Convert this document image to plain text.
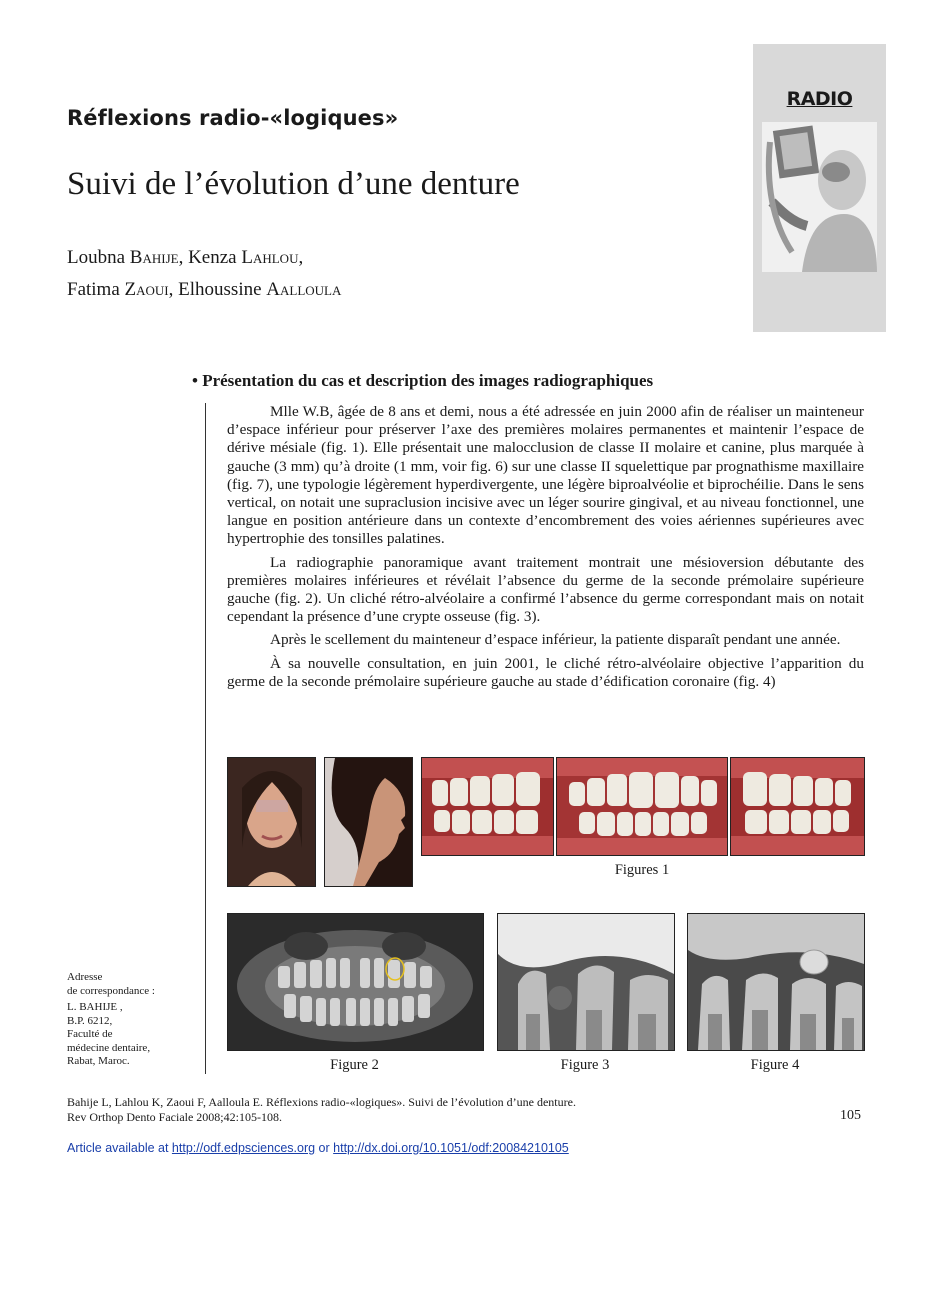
Réflexions radio-«logiques»
Suivi de l’évolution d’une denture
Loubna Bahije, Kenza Lahlou,
Fatima Zaoui, Elhoussine Aalloula
RADIO
• Présentation du cas et description des images radiographiques

Mlle W.B, âgée de 8 ans et demi, nous a été adressée en juin 2000 afin de réaliser un mainteneur d’espace inférieur pour préserver l’axe des premières molaires permanentes et maintenir l’espace de dérive mésiale (fig. 1). Elle présentait une malocclusion de classe II molaire et canine, plus marquée à gauche (3 mm) qu’à droite (1 mm, voir fig. 6) sur une classe II squelettique par prognathisme maxillaire (fig. 7), une typologie légèrement hyperdivergente, une légère biproalvéolie et biprochéilie. Dans le sens vertical, on notait une supraclusion incisive avec un léger sourire gingival, et au niveau fonctionnel, une langue en position antérieure dans un contexte d’encombrement des voies aériennes supérieures avec hypertrophie des tonsilles palatines.

La radiographie panoramique avant traitement montrait une mésioversion débutante des premières molaires inférieures et révélait l’absence du germe de la seconde prémolaire supérieure gauche (fig. 2). Un cliché rétro-alvéolaire a confirmé l’absence du germe correspondant mais on notait cependant la présence d’une crypte osseuse (fig. 3).

Après le scellement du mainteneur d’espace inférieur, la patiente disparaît pendant une année.

À sa nouvelle consultation, en juin 2001, le cliché rétro-alvéolaire objective l’apparition du germe de la seconde prémolaire supérieure gauche au stade d’édification coronaire (fig. 4)

Figures 1
Figure 2	Figure 3	Figure 4
Adresse
de correspondance :
L. BAHIJE ,
B.P. 6212,
Faculté de
médecine dentaire,
Rabat, Maroc.
Bahije L, Lahlou K, Zaoui F, Aalloula E. Réflexions radio-«logiques». Suivi de l’évolution d’une denture.
Rev Orthop Dento Faciale 2008;42:105-108.	105
Article available at http://odf.edpsciences.org or http://dx.doi.org/10.1051/odf:20084210105
